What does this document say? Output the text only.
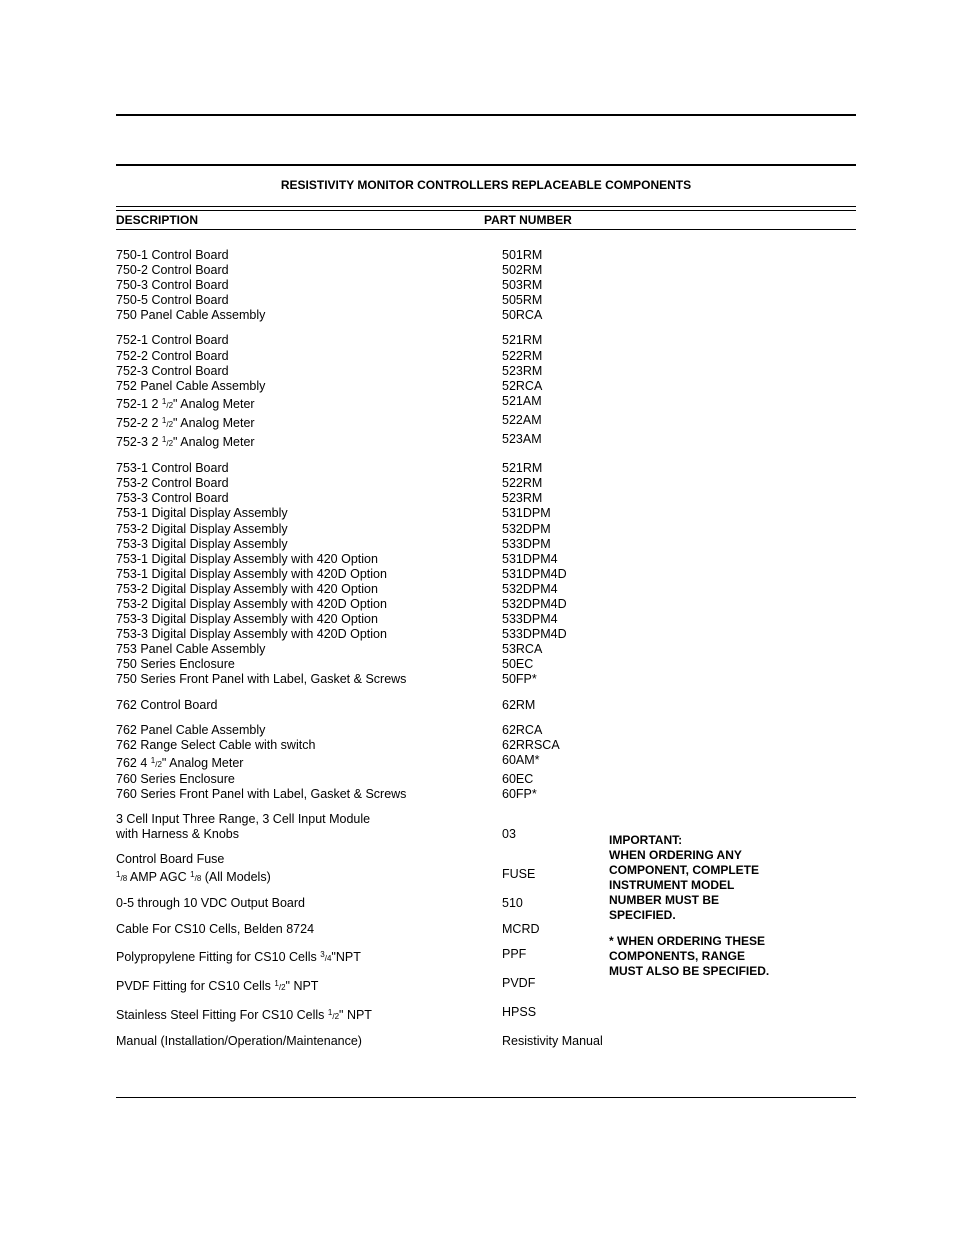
RESISTIVITY MONITOR CONTROLLERS REPLACEABLE COMPONENTS
DESCRIPTION	PART NUMBER
750-1 Control Board	501RM
750-2 Control Board	502RM
750-3 Control Board	503RM
750-5 Control Board	505RM
750 Panel Cable Assembly	50RCA
752-1 Control Board	521RM
752-2 Control Board	522RM
752-3 Control Board	523RM
752 Panel Cable Assembly	52RCA
752-1 2 1/2" Analog Meter	521AM
752-2 2 1/2" Analog Meter	522AM
752-3 2 1/2" Analog Meter	523AM
753-1 Control Board	521RM
753-2 Control Board	522RM
753-3 Control Board	523RM
753-1 Digital Display Assembly	531DPM
753-2 Digital Display Assembly	532DPM
753-3 Digital Display Assembly	533DPM
753-1 Digital Display Assembly with 420 Option	531DPM4
753-1 Digital Display Assembly with 420D Option	531DPM4D
753-2 Digital Display Assembly with 420 Option	532DPM4
753-2 Digital Display Assembly with 420D Option	532DPM4D
753-3 Digital Display Assembly with 420 Option	533DPM4
753-3 Digital Display Assembly with 420D Option	533DPM4D
753 Panel Cable Assembly	53RCA
750 Series Enclosure	50EC
750 Series Front Panel with Label, Gasket & Screws	50FP*
762 Control Board	62RM
762 Panel Cable Assembly	62RCA
762 Range Select Cable with switch	62RRSCA
762 4 1/2" Analog Meter	60AM*
760 Series Enclosure	60EC
760 Series Front Panel with Label, Gasket & Screws	60FP*
3 Cell Input Three Range, 3 Cell Input Module
with Harness & Knobs	03
Control Board Fuse
1/8 AMP AGC 1/8 (All Models)	FUSE
0-5 through 10 VDC Output Board	510
Cable For CS10 Cells, Belden 8724	MCRD
Polypropylene Fitting for CS10 Cells 3/4"NPT	PPF
PVDF Fitting for CS10 Cells 1/2" NPT	PVDF
Stainless Steel Fitting For CS10 Cells 1/2" NPT	HPSS
Manual (Installation/Operation/Maintenance)	Resistivity Manual

IMPORTANT:
WHEN ORDERING ANY
COMPONENT, COMPLETE
INSTRUMENT MODEL
NUMBER MUST BE
SPECIFIED.

* WHEN ORDERING THESE
COMPONENTS, RANGE
MUST ALSO BE SPECIFIED.
